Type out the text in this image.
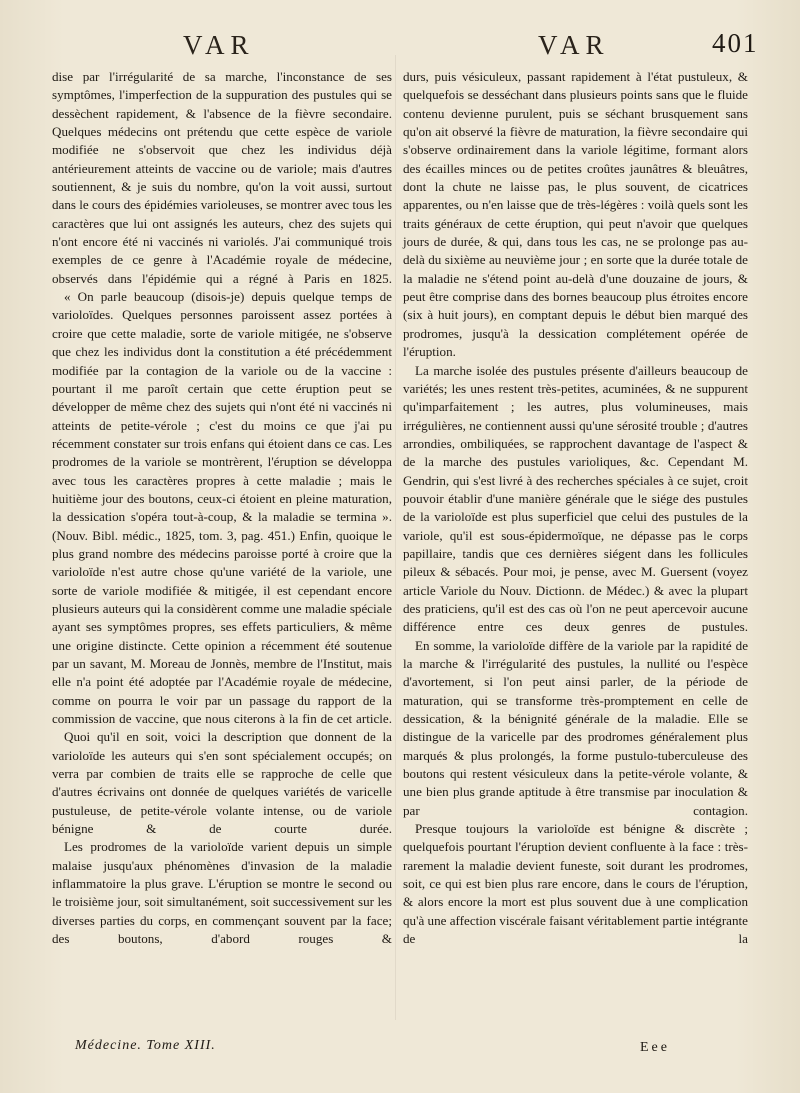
VAR	VAR	401

dise par l'irrégularité de sa marche, l'inconstance de ses symptômes, l'imperfection de la suppuration des pustules qui se dessèchent rapidement, & l'absence de la fièvre secondaire. Quelques médecins ont prétendu que cette espèce de variole modifiée ne s'observoit que chez les individus déjà antérieurement atteints de vaccine ou de variole; mais d'autres soutiennent, & je suis du nombre, qu'on la voit aussi, surtout dans le cours des épidémies varioleuses, se montrer avec tous les caractères que lui ont assignés les auteurs, chez des sujets qui n'ont encore été ni vaccinés ni variolés. J'ai communiqué trois exemples de ce genre à l'Académie royale de médecine, observés dans l'épidémie qui a régné à Paris en 1825.

« On parle beaucoup (disois-je) depuis quelque temps de varioloïdes. Quelques personnes paroissent assez portées à croire que cette maladie, sorte de variole mitigée, ne s'observe que chez les individus dont la constitution a été précédemment modifiée par la contagion de la variole ou de la vaccine : pourtant il me paroît certain que cette éruption peut se développer de même chez des sujets qui n'ont été ni vaccinés ni atteints de petite-vérole ; c'est du moins ce que j'ai pu récemment constater sur trois enfans qui étoient dans ce cas. Les prodromes de la variole se montrèrent, l'éruption se développa avec tous les caractères propres à cette maladie ; mais le huitième jour des boutons, ceux-ci étoient en pleine maturation, la dessication s'opéra tout-à-coup, & la maladie se termina ». (Nouv. Bibl. médic., 1825, tom. 3, pag. 451.) Enfin, quoique le plus grand nombre des médecins paroisse porté à croire que la varioloïde n'est autre chose qu'une variété de la variole, une sorte de variole modifiée & mitigée, il est cependant encore plusieurs auteurs qui la considèrent comme une maladie spéciale ayant ses symptômes propres, ses effets particuliers, & même une origine distincte. Cette opinion a récemment été soutenue par un savant, M. Moreau de Jonnès, membre de l'Institut, mais elle n'a point été adoptée par l'Académie royale de médecine, comme on pourra le voir par un passage du rapport de la commission de vaccine, que nous citerons à la fin de cet article.

Quoi qu'il en soit, voici la description que donnent de la varioloïde les auteurs qui s'en sont spécialement occupés; on verra par combien de traits elle se rapproche de celle que d'autres écrivains ont donnée de quelques variétés de varicelle pustuleuse, de petite-vérole volante intense, ou de variole bénigne & de courte durée.

Les prodromes de la varioloïde varient depuis un simple malaise jusqu'aux phénomènes d'invasion de la maladie inflammatoire la plus grave. L'éruption se montre le second ou le troisième jour, soit simultanément, soit successivement sur les diverses parties du corps, en commençant souvent par la face; des boutons, d'abord rouges &

durs, puis vésiculeux, passant rapidement à l'état pustuleux, & quelquefois se desséchant dans plusieurs points sans que le fluide contenu devienne purulent, puis se séchant brusquement sans qu'on ait observé la fièvre de maturation, la fièvre secondaire qui s'observe ordinairement dans la variole légitime, formant alors des écailles minces ou de petites croûtes jaunâtres & bleuâtres, dont la chute ne laisse pas, le plus souvent, de cicatrices apparentes, ou n'en laisse que de très-légères : voilà quels sont les traits généraux de cette éruption, qui peut n'avoir que quelques jours de durée, & qui, dans tous les cas, ne se prolonge pas au-delà du sixième au neuvième jour ; en sorte que la durée totale de la maladie ne s'étend point au-delà d'une douzaine de jours, & peut être comprise dans des bornes beaucoup plus étroites encore (six à huit jours), en comptant depuis le début bien marqué des prodromes, jusqu'à la dessication complétement opérée de l'éruption.

La marche isolée des pustules présente d'ailleurs beaucoup de variétés; les unes restent très-petites, acuminées, & ne suppurent qu'imparfaitement ; les autres, plus volumineuses, mais irrégulières, ne contiennent aussi qu'une sérosité trouble ; d'autres arrondies, ombiliquées, se rapprochent davantage de l'aspect & de la marche des pustules varioliques, &c. Cependant M. Gendrin, qui s'est livré à des recherches spéciales à ce sujet, croit pouvoir établir d'une manière générale que le siége des pustules de la varioloïde est plus superficiel que celui des pustules de la variole, qu'il est sous-épidermoïque, ne dépasse pas le corps papillaire, tandis que ces dernières siégent dans les follicules pileux & sébacés. Pour moi, je pense, avec M. Guersent (voyez article Variole du Nouv. Dictionn. de Médec.) & avec la plupart des praticiens, qu'il est des cas où l'on ne peut apercevoir aucune différence entre ces deux genres de pustules.

En somme, la varioloïde diffère de la variole par la rapidité de la marche & l'irrégularité des pustules, la nullité ou l'espèce d'avortement, si l'on peut ainsi parler, de la période de maturation, qui se transforme très-promptement en celle de dessication, & la bénignité générale de la maladie. Elle se distingue de la varicelle par des prodromes généralement plus marqués & plus prolongés, la forme pustulo-tuberculeuse des boutons qui restent vésiculeux dans la petite-vérole volante, & une bien plus grande aptitude à être transmise par inoculation & par contagion.

Presque toujours la varioloïde est bénigne & discrète ; quelquefois pourtant l'éruption devient confluente à la face : très-rarement la maladie devient funeste, soit durant les prodromes, soit, ce qui est bien plus rare encore, dans le cours de l'éruption, & alors encore la mort est plus souvent due à une complication qu'à une affection viscérale faisant véritablement partie intégrante de la

Médecine. Tome XIII.	Eee
